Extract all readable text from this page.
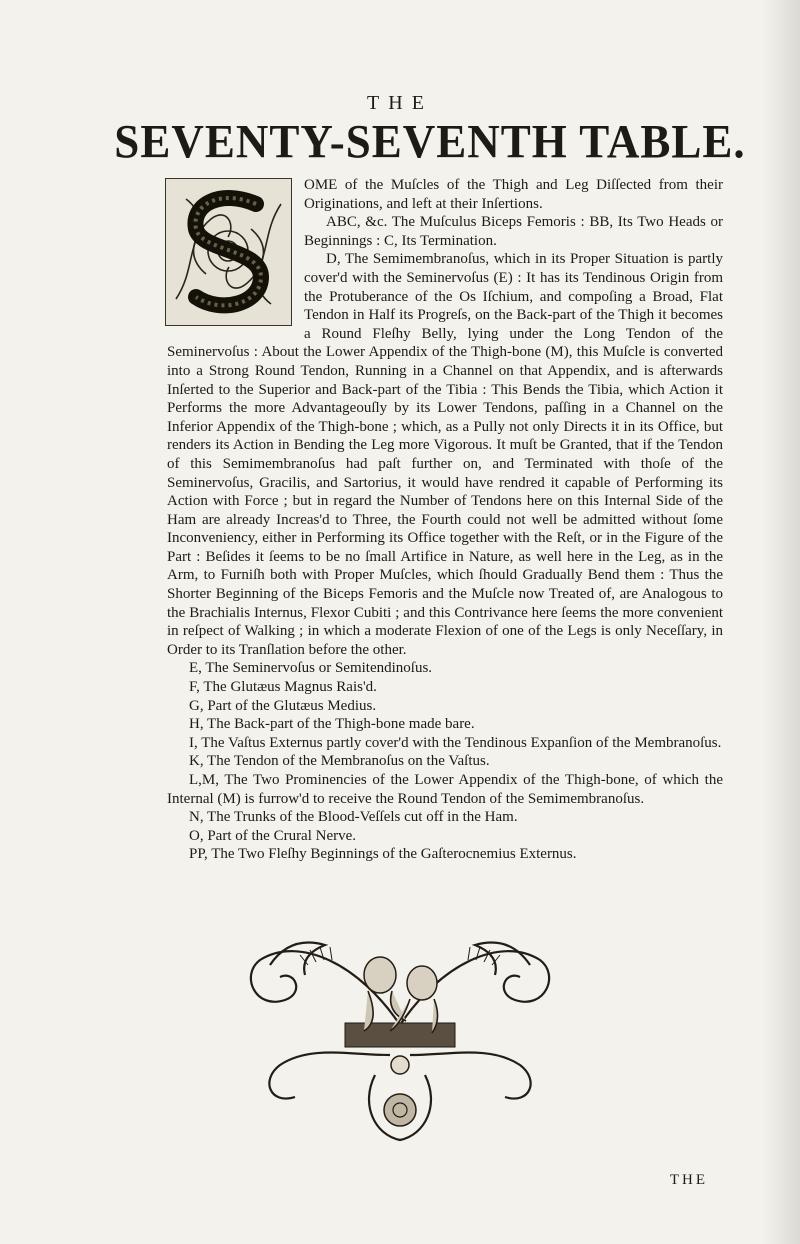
THE
SEVENTY-SEVENTH TABLE.

OME of the Muſcles of the Thigh and Leg Diſſected from their Originations, and left at their Inſertions.

ABC, &c. The Muſculus Biceps Femoris : BB, Its Two Heads or Beginnings : C, Its Termination.

D, The Semimembranoſus, which in its Proper Situation is partly cover'd with the Seminervoſus (E) : It has its Tendinous Origin from the Protuberance of the Os Iſchium, and compoſing a Broad, Flat Tendon in Half its Progreſs, on the Back-part of the Thigh it becomes a Round Fleſhy Belly, lying under the Long Tendon of the Seminervoſus : About the Lower Appendix of the Thigh-bone (M), this Muſcle is converted into a Strong Round Tendon, Running in a Channel on that Appendix, and is afterwards Inſerted to the Superior and Back-part of the Tibia : This Bends the Tibia, which Action it Performs the more Advantageouſly by its Lower Tendons, paſſing in a Channel on the Inferior Appendix of the Thigh-bone ; which, as a Pully not only Directs it in its Office, but renders its Action in Bending the Leg more Vigorous. It muſt be Granted, that if the Tendon of this Semimembranoſus had paſt further on, and Terminated with thoſe of the Seminervoſus, Gracilis, and Sartorius, it would have rendred it capable of Performing its Action with Force ; but in regard the Number of Tendons here on this Internal Side of the Ham are already Increas'd to Three, the Fourth could not well be admitted without ſome Inconveniency, either in Performing its Office together with the Reſt, or in the Figure of the Part : Beſides it ſeems to be no ſmall Artifice in Nature, as well here in the Leg, as in the Arm, to Furniſh both with Proper Muſcles, which ſhould Gradually Bend them : Thus the Shorter Beginning of the Biceps Femoris and the Muſcle now Treated of, are Analogous to the Brachialis Internus, Flexor Cubiti ; and this Contrivance here ſeems the more convenient in reſpect of Walking ; in which a moderate Flexion of one of the Legs is only Neceſſary, in Order to its Tranſlation before the other.

E, The Seminervoſus or Semitendinoſus.

F, The Glutæus Magnus Rais'd.

G, Part of the Glutæus Medius.

H, The Back-part of the Thigh-bone made bare.

I, The Vaſtus Externus partly cover'd with the Tendinous Expanſion of the Membranoſus.

K, The Tendon of the Membranoſus on the Vaſtus.

L,M, The Two Prominencies of the Lower Appendix of the Thigh-bone, of which the Internal (M) is furrow'd to receive the Round Tendon of the Semimembranoſus.

N, The Trunks of the Blood-Veſſels cut off in the Ham.

O, Part of the Crural Nerve.

PP, The Two Fleſhy Beginnings of the Gaſterocnemius Externus.

THE
